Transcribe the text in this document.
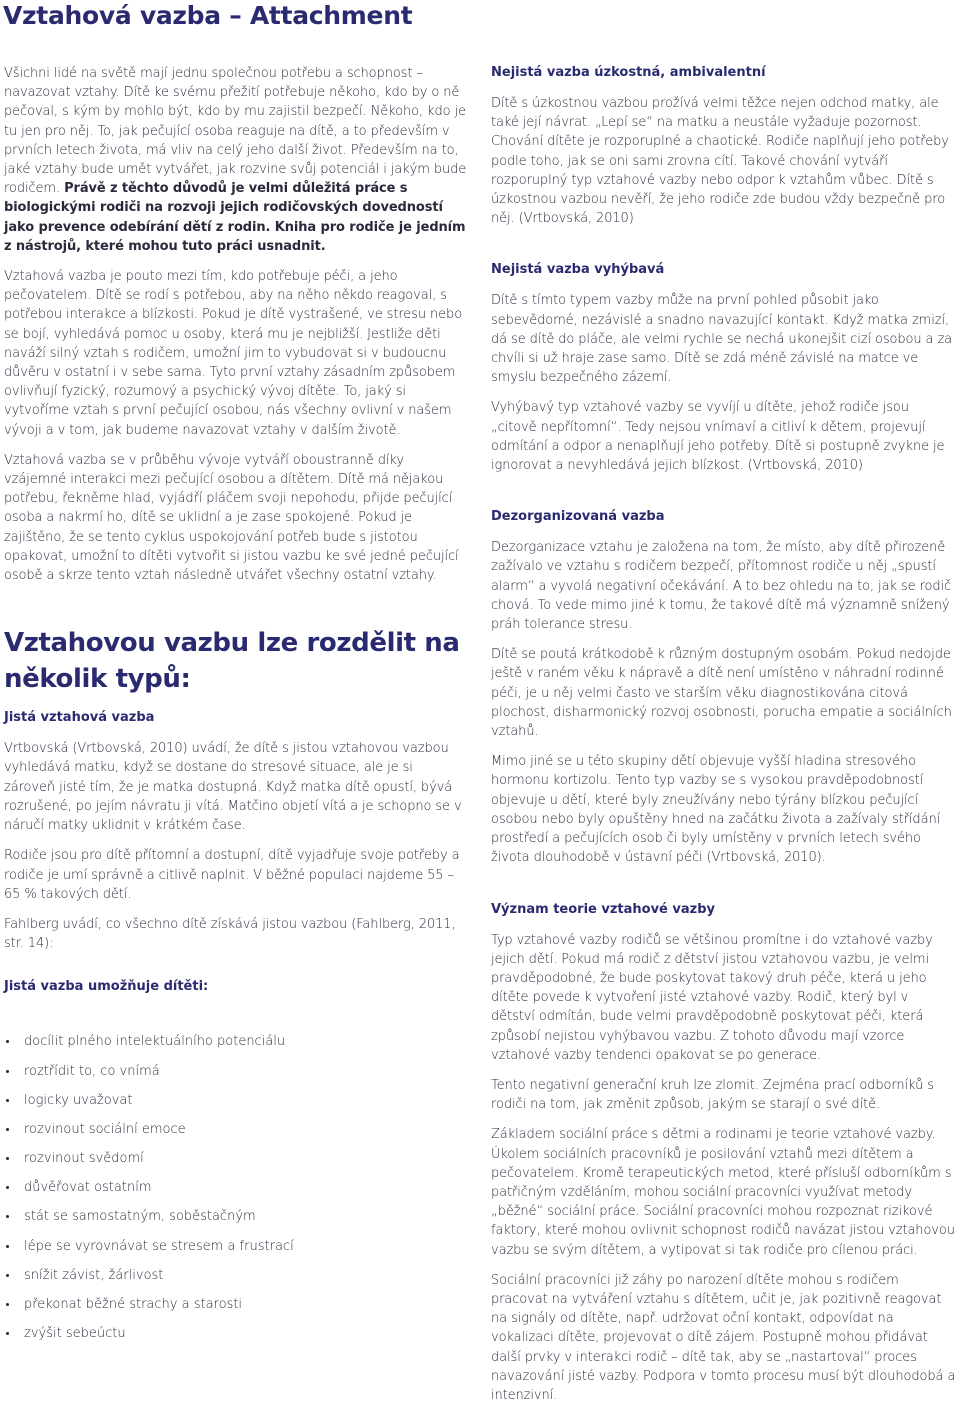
Vztahová vazba – Attachment

Všichni lidé na světě mají jednu společnou potřebu a schopnost – navazovat vztahy. Dítě ke svému přežití potřebuje někoho, kdo by o ně pečoval, s kým by mohlo být, kdo by mu zajistil bezpečí. Někoho, kdo je tu jen pro něj. To, jak pečující osoba reaguje na dítě, a to především v prvních letech života, má vliv na celý jeho další život. Především na to, jaké vztahy bude umět vytvářet, jak rozvine svůj potenciál i jakým bude rodičem. Právě z těchto důvodů je velmi důležitá práce s biologickými rodiči na rozvoji jejich rodičovských dovedností jako prevence odebírání dětí z rodin. Kniha pro rodiče je jedním z nástrojů, které mohou tuto práci usnadnit.

Vztahová vazba je pouto mezi tím, kdo potřebuje péči, a jeho pečovatelem. Dítě se rodí s potřebou, aby na něho někdo reagoval, s potřebou interakce a blízkosti. Pokud je dítě vystrašené, ve stresu nebo se bojí, vyhledává pomoc u osoby, která mu je nejbližší. Jestliže děti naváží silný vztah s rodičem, umožní jim to vybudovat si v budoucnu důvěru v ostatní i v sebe sama. Tyto první vztahy zásadním způsobem ovlivňují fyzický, rozumový a psychický vývoj dítěte. To, jaký si vytvoříme vztah s první pečující osobou, nás všechny ovlivní v našem vývoji a v tom, jak budeme navazovat vztahy v dalším životě.

Vztahová vazba se v průběhu vývoje vytváří oboustranně díky vzájemné interakci mezi pečující osobou a dítětem. Dítě má nějakou potřebu, řekněme hlad, vyjádří pláčem svoji nepohodu, přijde pečující osoba a nakrmí ho, dítě se uklidní a je zase spokojené. Pokud je zajištěno, že se tento cyklus uspokojování potřeb bude s jistotou opakovat, umožní to dítěti vytvořit si jistou vazbu ke své jedné pečující osobě a skrze tento vztah následně utvářet všechny ostatní vztahy.

Vztahovou vazbu lze rozdělit na několik typů:
Jistá vztahová vazba

Vrtbovská (Vrtbovská, 2010) uvádí, že dítě s jistou vztahovou vazbou vyhledává matku, když se dostane do stresové situace, ale je si zároveň jisté tím, že je matka dostupná. Když matka dítě opustí, bývá rozrušené, po jejím návratu ji vítá. Matčino objetí vítá a je schopno se v náručí matky uklidnit v krátkém čase.

Rodiče jsou pro dítě přítomní a dostupní, dítě vyjadřuje svoje potřeby a rodiče je umí správně a citlivě naplnit. V běžné populaci najdeme 55 – 65 % takových dětí.

Fahlberg uvádí, co všechno dítě získává jistou vazbou (Fahlberg, 2011, str. 14):

Jistá vazba umožňuje dítěti:
docílit plného intelektuálního potenciálu
roztřídit to, co vnímá
logicky uvažovat
rozvinout sociální emoce
rozvinout svědomí
důvěřovat ostatním
stát se samostatným, soběstačným
lépe se vyrovnávat se stresem a frustrací
snížit závist, žárlivost
překonat běžné strachy a starosti
zvýšit sebeúctu
Nejistá vazba úzkostná, ambivalentní

Dítě s úzkostnou vazbou prožívá velmi těžce nejen odchod matky, ale také její návrat. „Lepí se“ na matku a neustále vyžaduje pozornost. Chování dítěte je rozporuplné a chaotické. Rodiče naplňují jeho potřeby podle toho, jak se oni sami zrovna cítí. Takové chování vytváří rozporuplný typ vztahové vazby nebo odpor k vztahům vůbec. Dítě s úzkostnou vazbou nevěří, že jeho rodiče zde budou vždy bezpečně pro něj. (Vrtbovská, 2010)

Nejistá vazba vyhýbavá

Dítě s tímto typem vazby může na první pohled působit jako sebevědomé, nezávislé a snadno navazující kontakt. Když matka zmizí, dá se dítě do pláče, ale velmi rychle se nechá ukonejšit cizí osobou a za chvíli si už hraje zase samo. Dítě se zdá méně závislé na matce ve smyslu bezpečného zázemí.

Vyhýbavý typ vztahové vazby se vyvíjí u dítěte, jehož rodiče jsou „citově nepřítomní“. Tedy nejsou vnímaví a citliví k dětem, projevují odmítání a odpor a nenaplňují jeho potřeby. Dítě si postupně zvykne je ignorovat a nevyhledává jejich blízkost. (Vrtbovská, 2010)

Dezorganizovaná vazba

Dezorganizace vztahu je založena na tom, že místo, aby dítě přirozeně zažívalo ve vztahu s rodičem bezpečí, přítomnost rodiče u něj „spustí alarm“ a vyvolá negativní očekávání. A to bez ohledu na to, jak se rodič chová. To vede mimo jiné k tomu, že takové dítě má významně snížený práh tolerance stresu.

Dítě se poutá krátkodobě k různým dostupným osobám. Pokud nedojde ještě v raném věku k nápravě a dítě není umístěno v náhradní rodinné péči, je u něj velmi často ve starším věku diagnostikována citová plochost, disharmonický rozvoj osobnosti, porucha empatie a sociálních vztahů.

Mimo jiné se u této skupiny dětí objevuje vyšší hladina stresového hormonu kortizolu. Tento typ vazby se s vysokou pravděpodobností objevuje u dětí, které byly zneužívány nebo týrány blízkou pečující osobou nebo byly opuštěny hned na začátku života a zažívaly střídání prostředí a pečujících osob či byly umístěny v prvních letech svého života dlouhodobě v ústavní péči (Vrtbovská, 2010).

Význam teorie vztahové vazby

Typ vztahové vazby rodičů se většinou promítne i do vztahové vazby jejich dětí. Pokud má rodič z dětství jistou vztahovou vazbu, je velmi pravděpodobné, že bude poskytovat takový druh péče, která u jeho dítěte povede k vytvoření jisté vztahové vazby. Rodič, který byl v dětství odmítán, bude velmi pravděpodobně poskytovat péči, která způsobí nejistou vyhýbavou vazbu. Z tohoto důvodu mají vzorce vztahové vazby tendenci opakovat se po generace.

Tento negativní generační kruh lze zlomit. Zejména prací odborníků s rodiči na tom, jak změnit způsob, jakým se starají o své dítě.

Základem sociální práce s dětmi a rodinami je teorie vztahové vazby. Úkolem sociálních pracovníků je posilování vztahů mezi dítětem a pečovatelem. Kromě terapeutických metod, které přísluší odborníkům s patřičným vzděláním, mohou sociální pracovníci využívat metody „běžné“ sociální práce. Sociální pracovníci mohou rozpoznat rizikové faktory, které mohou ovlivnit schopnost rodičů navázat jistou vztahovou vazbu se svým dítětem, a vytipovat si tak rodiče pro cílenou práci.

Sociální pracovníci již záhy po narození dítěte mohou s rodičem pracovat na vytváření vztahu s dítětem, učit je, jak pozitivně reagovat na signály od dítěte, např. udržovat oční kontakt, odpovídat na vokalizaci dítěte, projevovat o dítě zájem. Postupně mohou přidávat další prvky v interakci rodič – dítě tak, aby se „nastartoval“ proces navazování jisté vazby. Podpora v tomto procesu musí být dlouhodobá a intenzivní.
